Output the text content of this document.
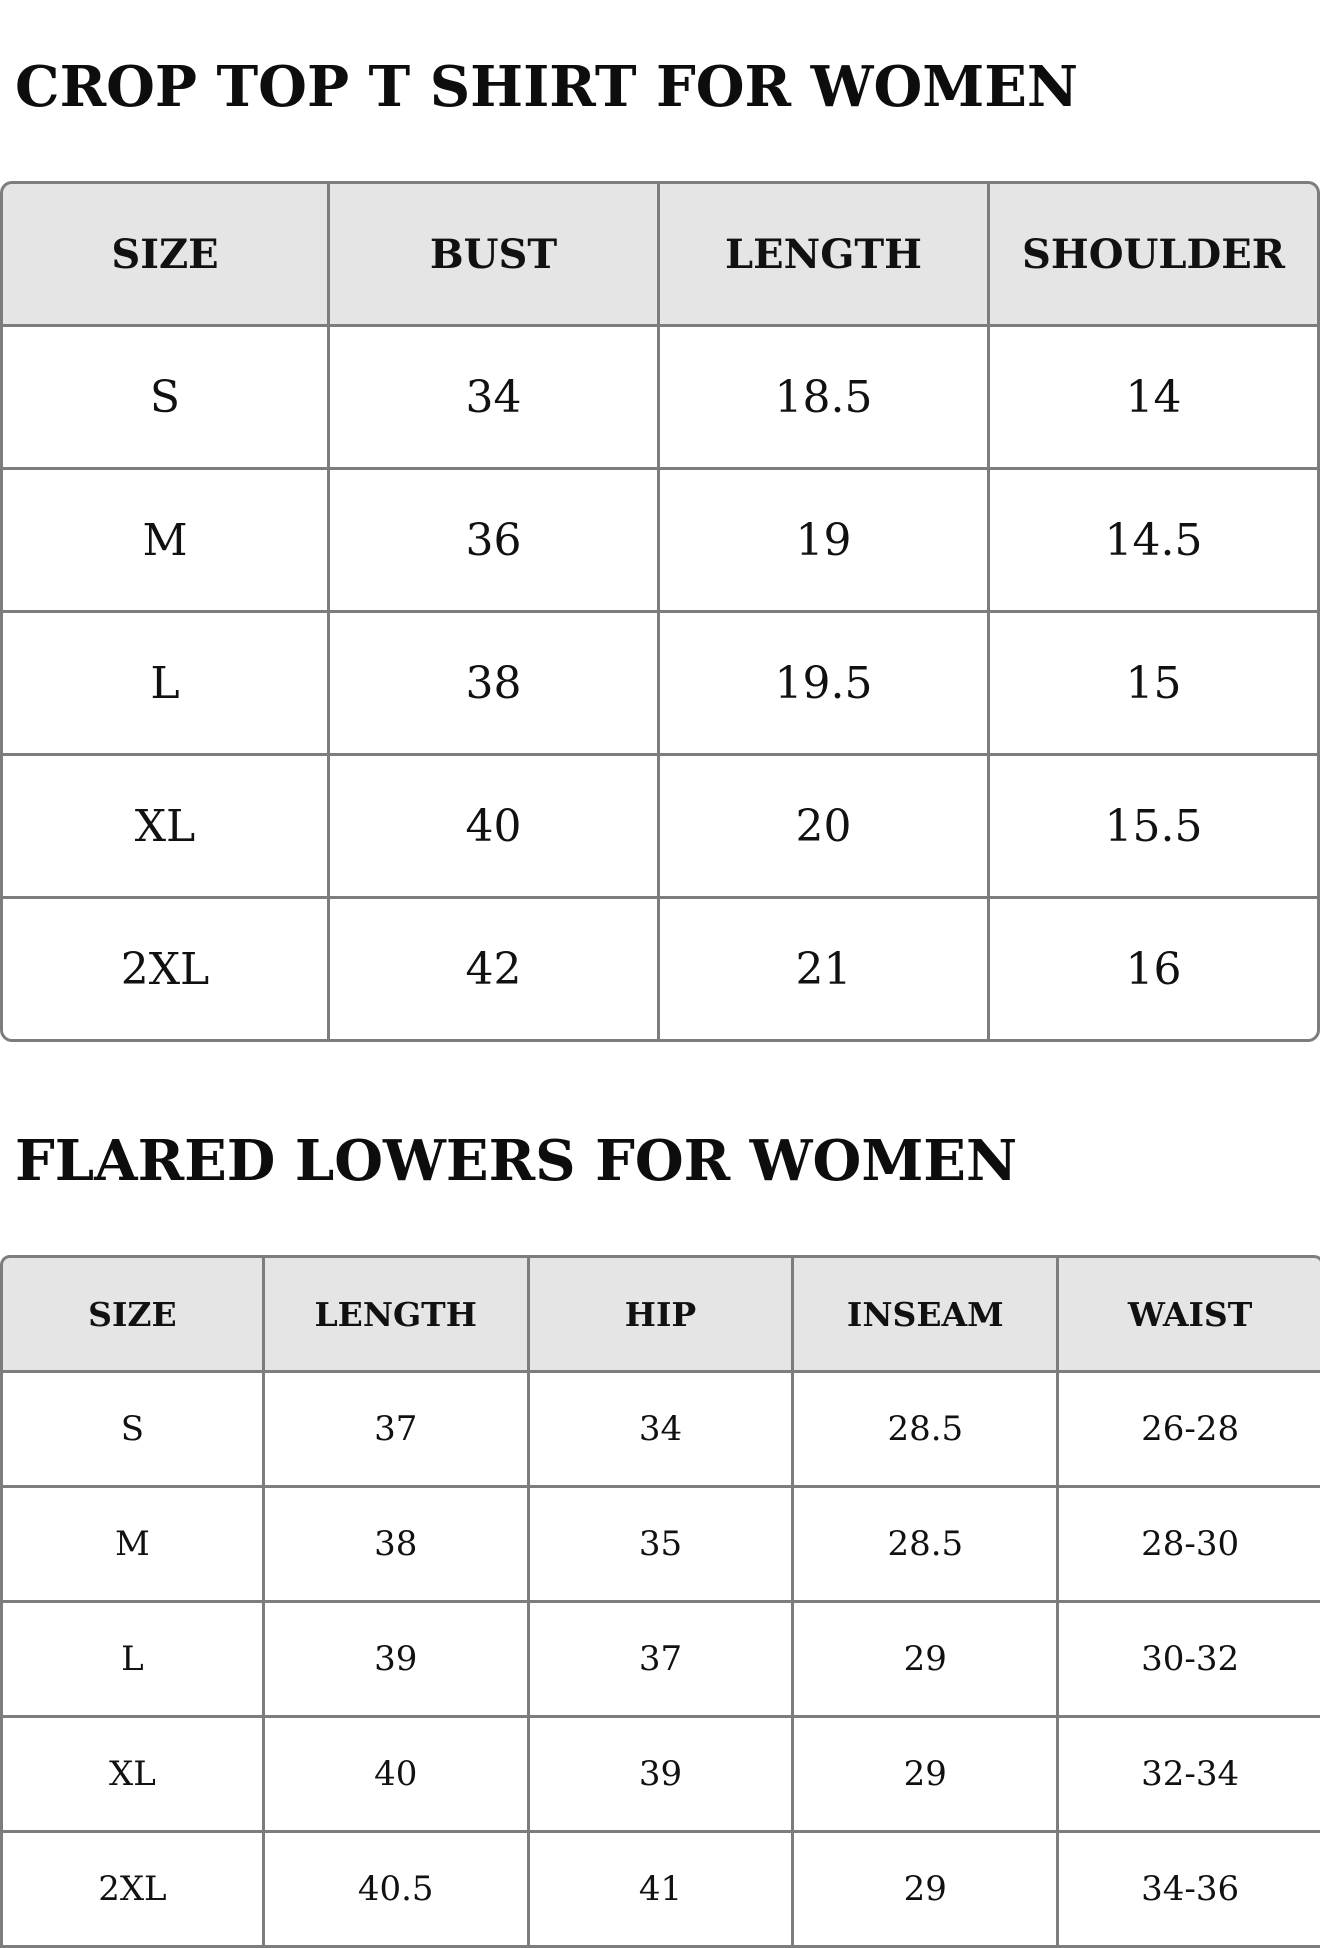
CROP TOP T SHIRT FOR WOMEN
SIZE	BUST	LENGTH	SHOULDER
S	34	18.5	14
M	36	19	14.5
L	38	19.5	15
XL	40	20	15.5
2XL	42	21	16
FLARED LOWERS FOR WOMEN
SIZE	LENGTH	HIP	INSEAM	WAIST
S	37	34	28.5	26-28
M	38	35	28.5	28-30
L	39	37	29	30-32
XL	40	39	29	32-34
2XL	40.5	41	29	34-36
